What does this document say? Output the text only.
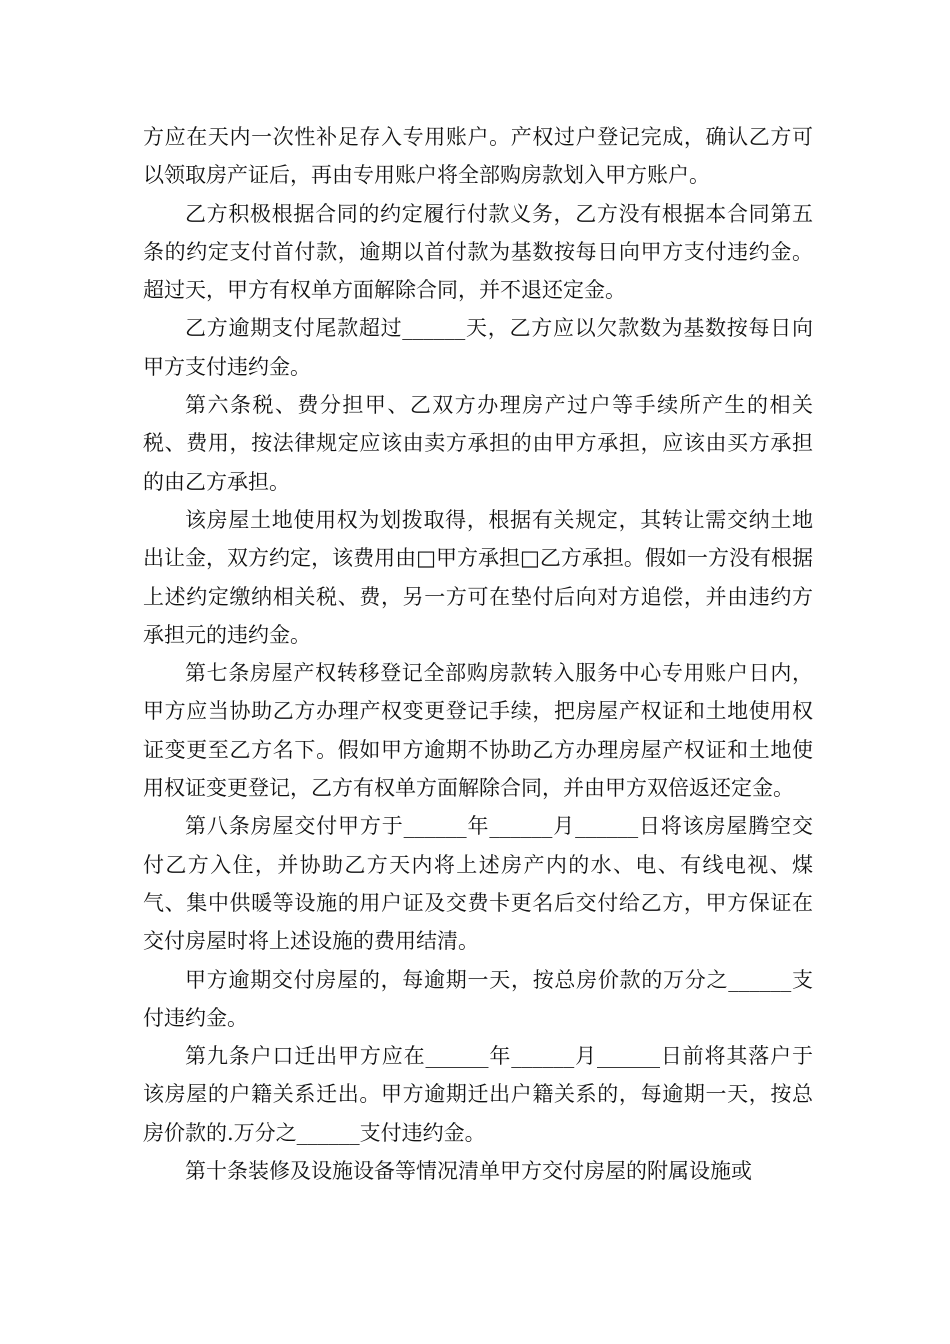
方应在天内一次性补足存入专用账户。产权过户登记完成，确认乙方可以领取房产证后，再由专用账户将全部购房款划入甲方账户。

乙方积极根据合同的约定履行付款义务，乙方没有根据本合同第五条的约定支付首付款，逾期以首付款为基数按每日向甲方支付违约金。超过天，甲方有权单方面解除合同，并不退还定金。

乙方逾期支付尾款超过______天，乙方应以欠款数为基数按每日向甲方支付违约金。

第六条税、费分担甲、乙双方办理房产过户等手续所产生的相关税、费用，按法律规定应该由卖方承担的由甲方承担，应该由买方承担的由乙方承担。

该房屋土地使用权为划拨取得，根据有关规定，其转让需交纳土地出让金，双方约定，该费用由□甲方承担□乙方承担。假如一方没有根据上述约定缴纳相关税、费，另一方可在垫付后向对方追偿，并由违约方承担元的违约金。

第七条房屋产权转移登记全部购房款转入服务中心专用账户日内，甲方应当协助乙方办理产权变更登记手续，把房屋产权证和土地使用权证变更至乙方名下。假如甲方逾期不协助乙方办理房屋产权证和土地使用权证变更登记，乙方有权单方面解除合同，并由甲方双倍返还定金。

第八条房屋交付甲方于______年______月______日将该房屋腾空交付乙方入住，并协助乙方天内将上述房产内的水、电、有线电视、煤气、集中供暖等设施的用户证及交费卡更名后交付给乙方，甲方保证在交付房屋时将上述设施的费用结清。

甲方逾期交付房屋的，每逾期一天，按总房价款的万分之______支付违约金。

第九条户口迁出甲方应在______年______月______日前将其落户于该房屋的户籍关系迁出。甲方逾期迁出户籍关系的，每逾期一天，按总房价款的.万分之______支付违约金。

第十条装修及设施设备等情况清单甲方交付房屋的附属设施或
